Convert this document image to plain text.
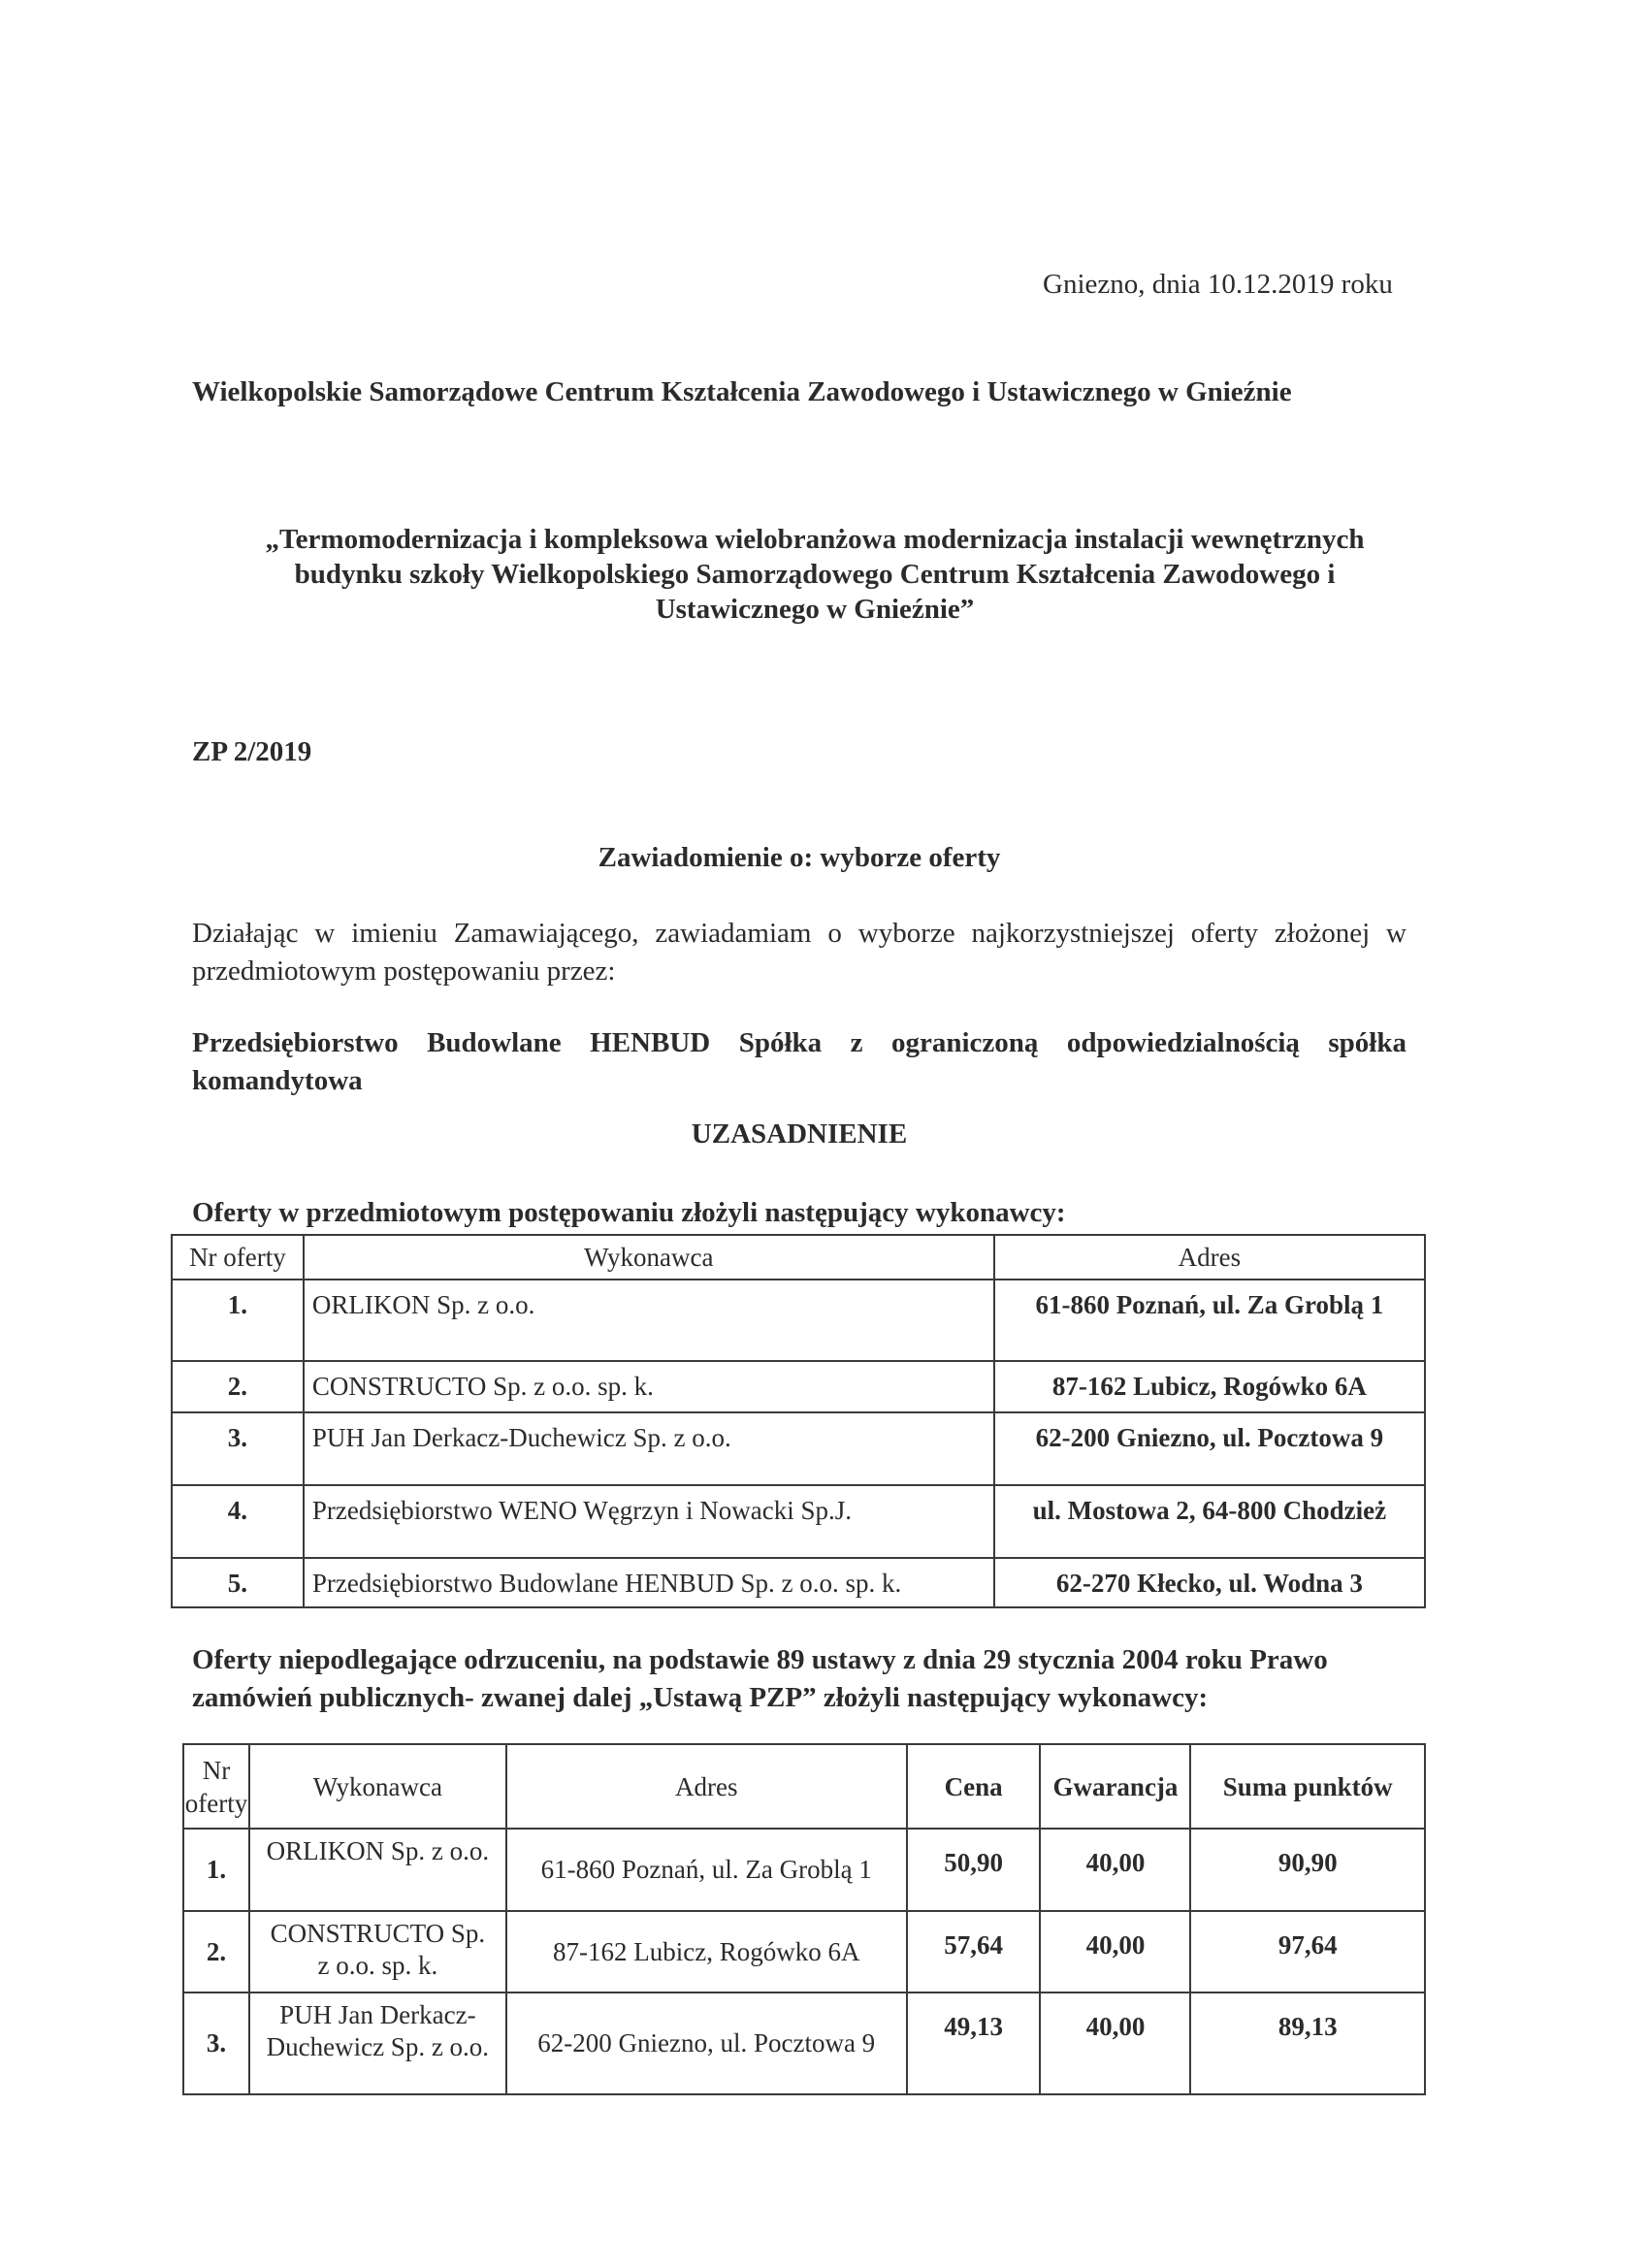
Gniezno, dnia 10.12.2019 roku
Wielkopolskie Samorządowe Centrum Kształcenia Zawodowego i Ustawicznego w Gnieźnie
„Termomodernizacja i kompleksowa wielobranżowa modernizacja instalacji wewnętrznych
budynku szkoły Wielkopolskiego Samorządowego Centrum Kształcenia Zawodowego i
Ustawicznego w Gnieźnie”
ZP 2/2019
Zawiadomienie o: wyborze oferty
Działając w imieniu Zamawiającego, zawiadamiam o wyborze najkorzystniejszej oferty złożonej w przedmiotowym postępowaniu przez:
Przedsiębiorstwo Budowlane HENBUD Spółka z ograniczoną odpowiedzialnością spółka komandytowa
UZASADNIENIE
Oferty w przedmiotowym postępowaniu złożyli następujący wykonawcy:
Nr oferty	Wykonawca	Adres
1.	ORLIKON Sp. z o.o.	61-860 Poznań, ul. Za Groblą 1
2.	CONSTRUCTO Sp. z o.o. sp. k.	87-162 Lubicz, Rogówko 6A
3.	PUH Jan Derkacz-Duchewicz Sp. z o.o.	62-200 Gniezno, ul. Pocztowa 9
4.	Przedsiębiorstwo WENO Węgrzyn i Nowacki Sp.J.	ul. Mostowa 2, 64-800 Chodzież
5.	Przedsiębiorstwo Budowlane HENBUD Sp. z o.o. sp. k.	62-270 Kłecko, ul. Wodna 3
Oferty niepodlegające odrzuceniu, na podstawie 89 ustawy z dnia 29 stycznia 2004 roku Prawo zamówień publicznych- zwanej dalej „Ustawą PZP” złożyli następujący wykonawcy:
Nr
oferty	Wykonawca	Adres	Cena	Gwarancja	Suma punktów
1.	ORLIKON Sp. z o.o.	61-860 Poznań, ul. Za Groblą 1	50,90	40,00	90,90
2.	CONSTRUCTO Sp.
z o.o. sp. k.	87-162 Lubicz, Rogówko 6A	57,64	40,00	97,64
3.	PUH Jan Derkacz-
Duchewicz Sp. z o.o.	62-200 Gniezno, ul. Pocztowa 9	49,13	40,00	89,13
